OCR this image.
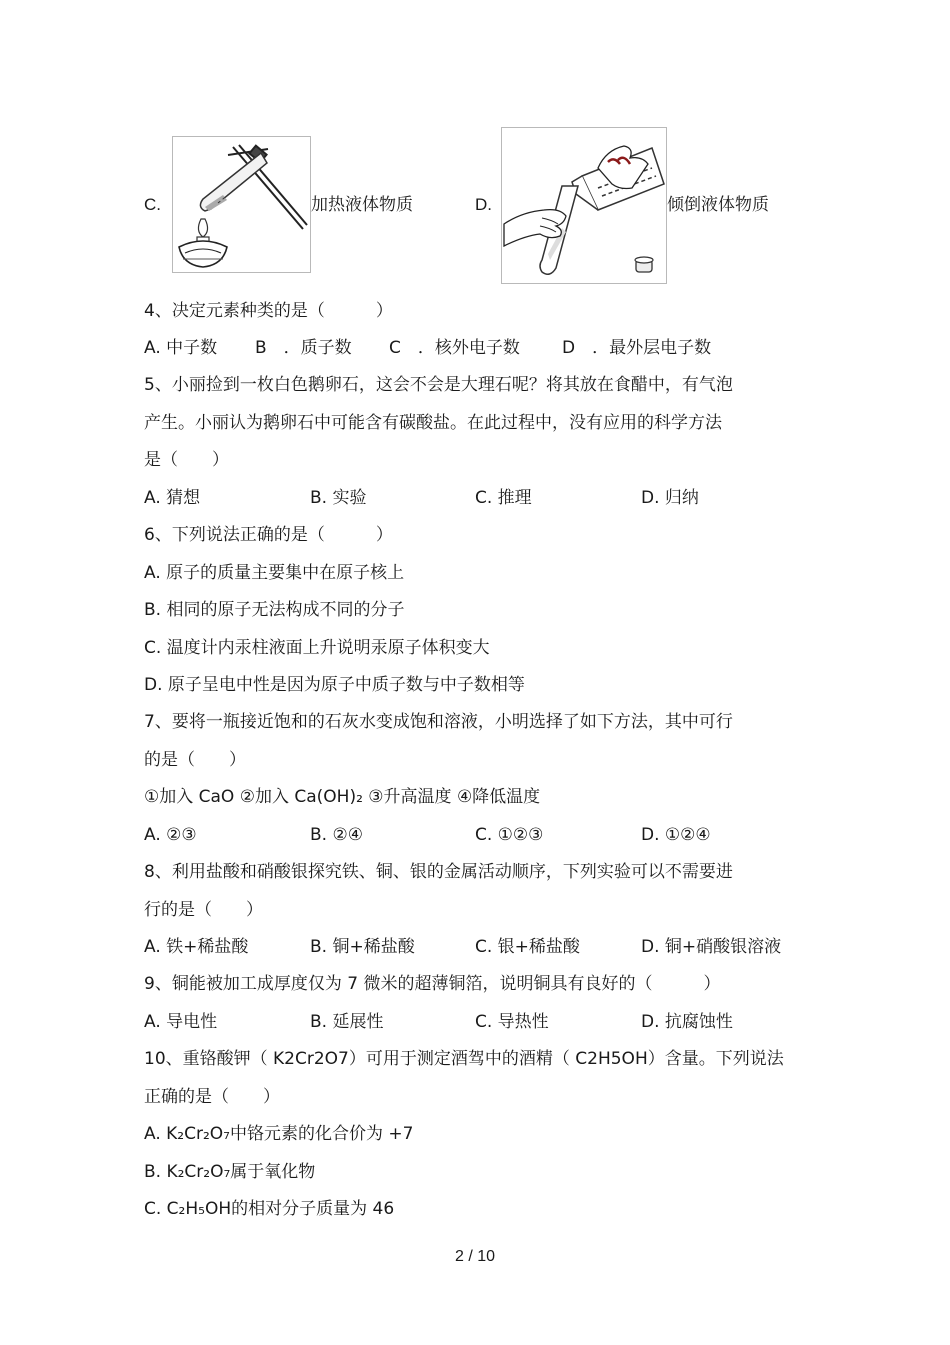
C.	加热液体物质	D.	倾倒液体物质
4、决定元素种类的是（　　　）
A. 中子数 B　．质子数 C　．核外电子数 D　．最外层电子数
5、小丽捡到一枚白色鹅卵石，这会不会是大理石呢？将其放在食醋中，有气泡
产生。小丽认为鹅卵石中可能含有碳酸盐。在此过程中，没有应用的科学方法
是（　　）
A. 猜想	B. 实验	C. 推理	D. 归纳
6、下列说法正确的是（　　　）
A. 原子的质量主要集中在原子核上
B. 相同的原子无法构成不同的分子
C. 温度计内汞柱液面上升说明汞原子体积变大
D. 原子呈电中性是因为原子中质子数与中子数相等
7、要将一瓶接近饱和的石灰水变成饱和溶液，小明选择了如下方法，其中可行
的是（　　）
①加入 CaO ②加入 Ca(OH)₂ ③升高温度 ④降低温度
A. ②③	B. ②④	C. ①②③	D. ①②④
8、利用盐酸和硝酸银探究铁、铜、银的金属活动顺序，下列实验可以不需要进
行的是（　　）
A. 铁+稀盐酸	B. 铜+稀盐酸	C. 银+稀盐酸	D. 铜+硝酸银溶液
9、铜能被加工成厚度仅为 7 微米的超薄铜箔，说明铜具有良好的（　　　）
A. 导电性	B. 延展性	C. 导热性	D. 抗腐蚀性
10、重铬酸钾（ K2Cr2O7）可用于测定酒驾中的酒精（ C2H5OH）含量。下列说法
正确的是（　　）
A. K₂Cr₂O₇中铬元素的化合价为 +7
B. K₂Cr₂O₇属于氧化物
C. C₂H₅OH的相对分子质量为 46
2 / 10
